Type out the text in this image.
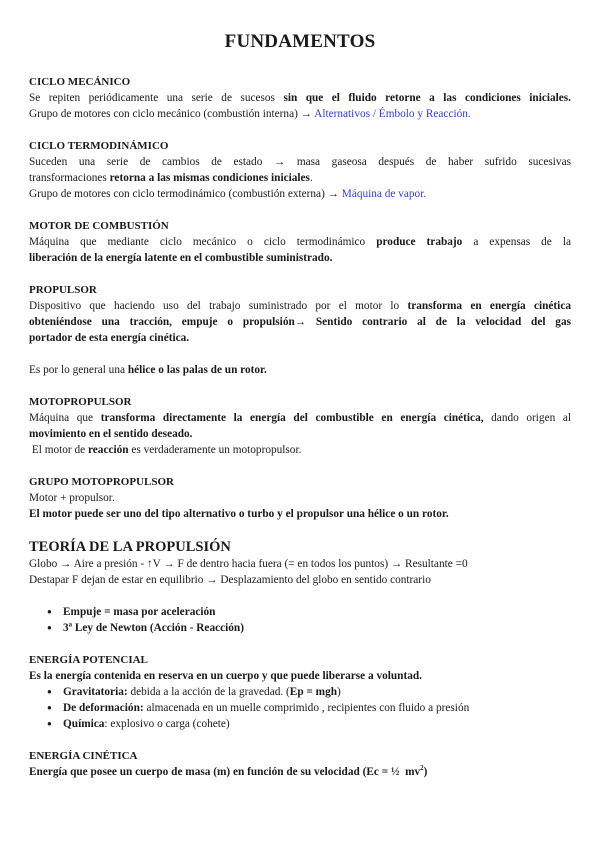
FUNDAMENTOS

CICLO MECÁNICO

Se repiten periódicamente una serie de sucesos sin que el fluido retorne a las condiciones iniciales.

Grupo de motores con ciclo mecánico (combustión interna) → Alternativos / Émbolo y Reacción.

CICLO TERMODINÁMICO

Suceden una serie de cambios de estado → masa gaseosa después de haber sufrido sucesivas

transformaciones retorna a las mismas condiciones iniciales.

Grupo de motores con ciclo termodinámico (combustión externa) → Máquina de vapor.

MOTOR DE COMBUSTIÓN

Máquina que mediante ciclo mecánico o ciclo termodinámico produce trabajo a expensas de la

liberación de la energía latente en el combustible suministrado.

PROPULSOR

Dispositivo que haciendo uso del trabajo suministrado por el motor lo transforma en energía cinética

obteniéndose una tracción, empuje o propulsión→ Sentido contrario al de la velocidad del gas

portador de esta energía cinética.

Es por lo general una hélice o las palas de un rotor.

MOTOPROPULSOR

Máquina que transforma directamente la energía del combustible en energía cinética, dando origen al

movimiento en el sentido deseado.

El motor de reacción es verdaderamente un motopropulsor.

GRUPO MOTOPROPULSOR

Motor + propulsor.

El motor puede ser uno del tipo alternativo o turbo y el propulsor una hélice o un rotor.

TEORÍA DE LA PROPULSIÓN

Globo → Aire a presión - ↑V → F de dentro hacia fuera (= en todos los puntos) → Resultante =0

Destapar F dejan de estar en equilibrio → Desplazamiento del globo en sentido contrario

● Empuje = masa por aceleración
● 3ª Ley de Newton (Acción - Reacción)

ENERGÍA POTENCIAL

Es la energía contenida en reserva en un cuerpo y que puede liberarse a voluntad.

● Gravitatoria: debida a la acción de la gravedad. (Ep = mgh)
● De deformación: almacenada en un muelle comprimido , recipientes con fluido a presión
● Química: explosivo o carga (cohete)

ENERGÍA CINÉTICA

Energía que posee un cuerpo de masa (m) en función de su velocidad (Ec = ½  $mv^2$)
